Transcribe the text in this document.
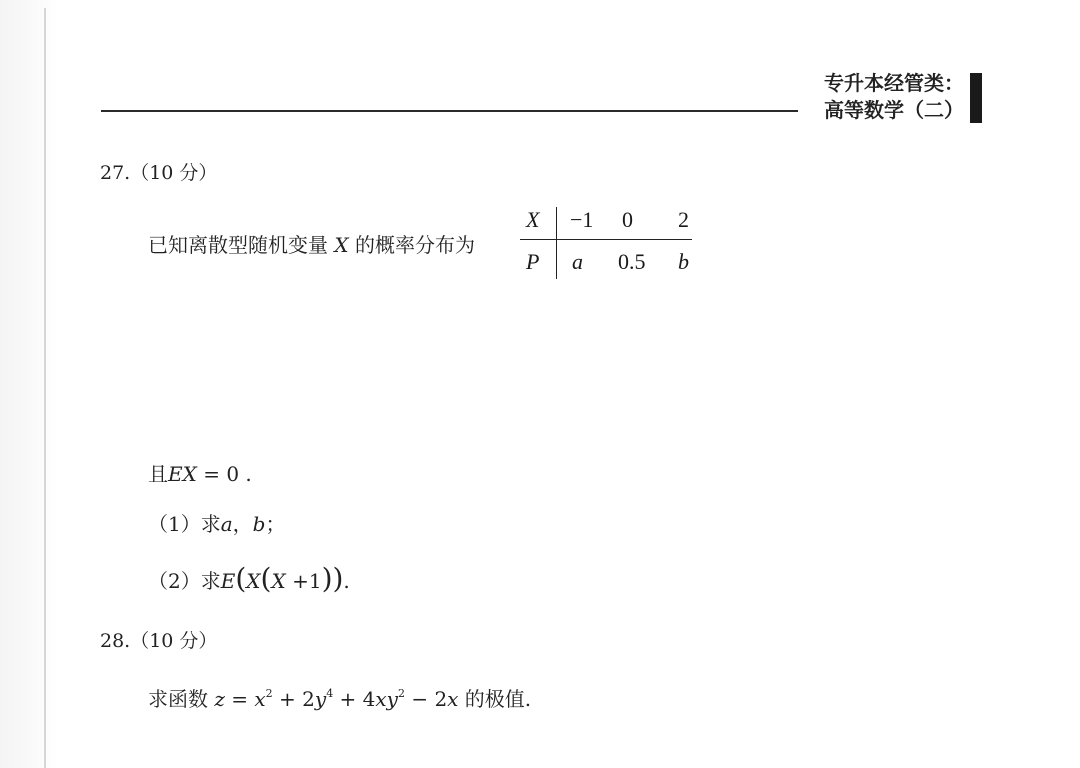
专升本经管类：
高等数学（二）
27.（10 分）
已知离散型随机变量 X 的概率分布为
X −1 0 2
P a 0.5 b
且EX = 0 .
（1）求a，b；
（2）求E(X(X +1)).
28.（10 分）
求函数 $z = x^2 + 2y^4 + 4xy^2 - 2x$ 的极值.
